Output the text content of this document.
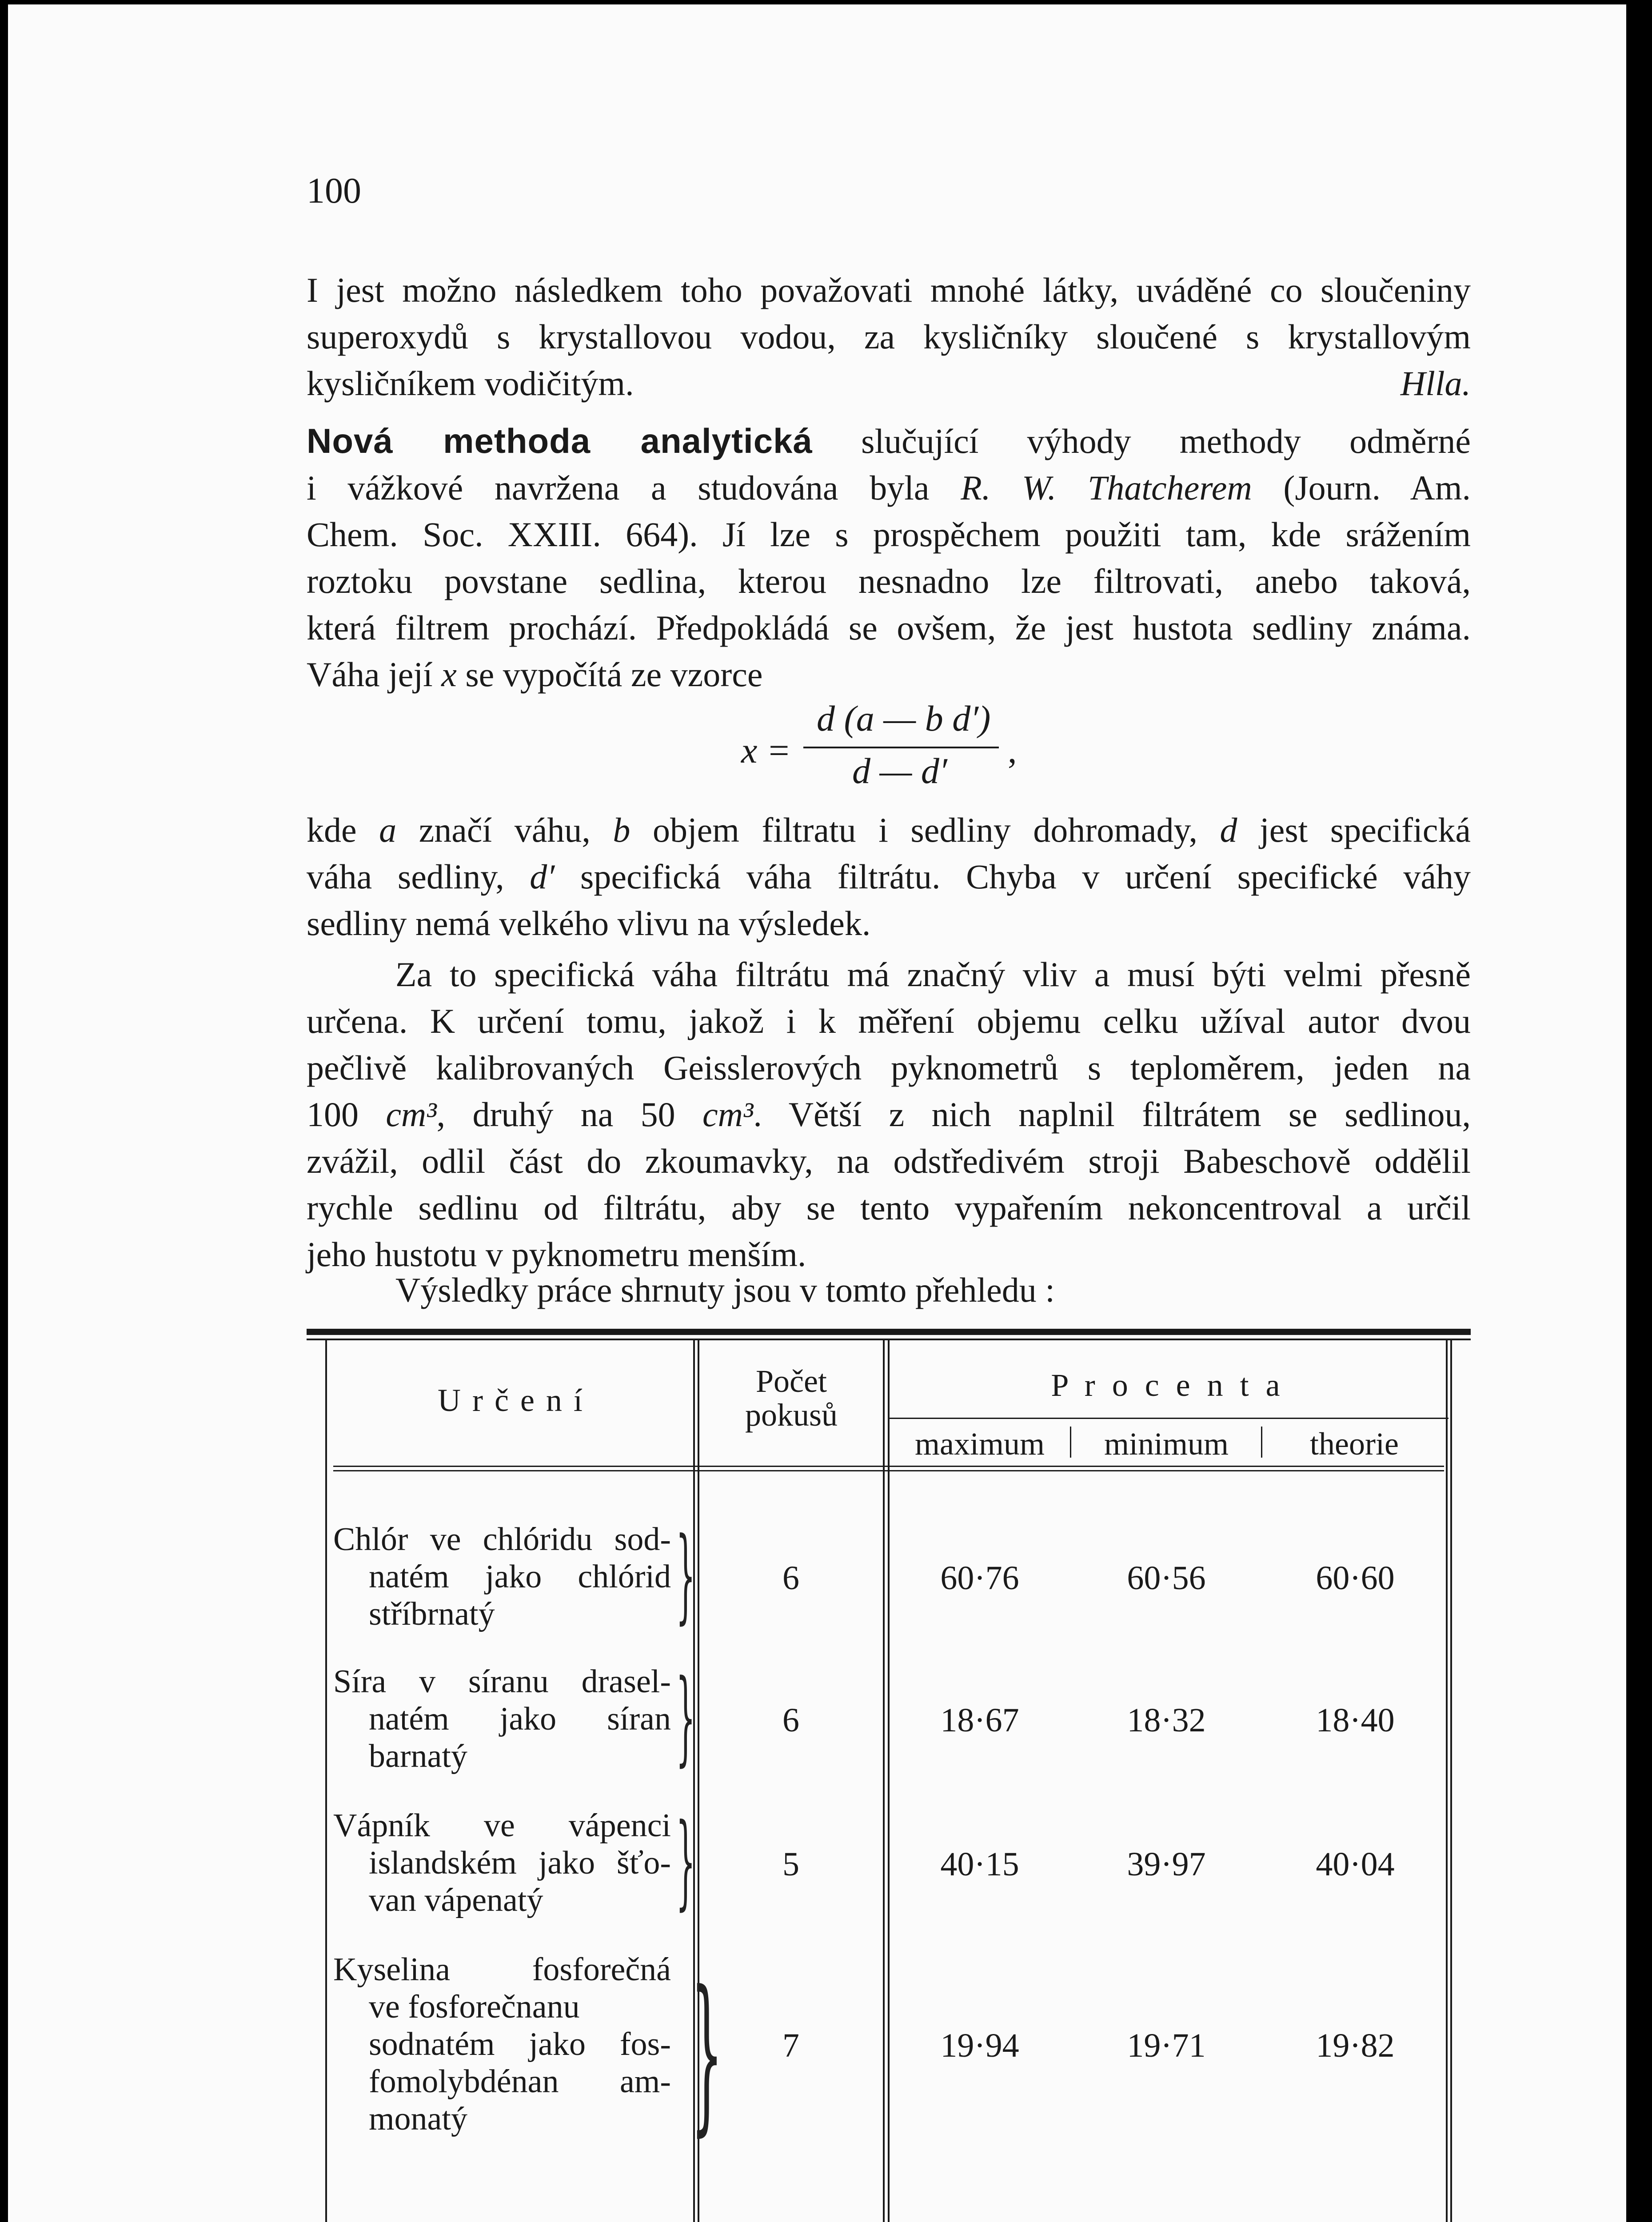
100
I jest možno následkem toho považovati mnohé látky, uváděné co sloučeniny
superoxydů s krystallovou vodou, za kysličníky sloučené s krystallovým
kysličníkem vodičitým.	Hlla.
Nová methoda analytická slučující výhody methody odměrné
i vážkové navržena a studována byla R. W. Thatcherem (Journ. Am.
Chem. Soc. XXIII. 664). Jí lze s prospěchem použiti tam, kde srážením
roztoku povstane sedlina, kterou nesnadno lze filtrovati, anebo taková,
která filtrem prochází. Předpokládá se ovšem, že jest hustota sedliny známa.
Váha její x se vypočítá ze vzorce
x =
d (a — b d′)
d — d′
,
kde a značí váhu, b objem filtratu i sedliny dohromady, d jest specifická
váha sedliny, d′ specifická váha filtrátu. Chyba v určení specifické váhy
sedliny nemá velkého vlivu na výsledek.
Za to specifická váha filtrátu má značný vliv a musí býti velmi přesně
určena. K určení tomu, jakož i k měření objemu celku užíval autor dvou
pečlivě kalibrovaných Geisslerových pyknometrů s teploměrem, jeden na
100 cm³, druhý na 50 cm³. Větší z nich naplnil filtrátem se sedlinou,
zvážil, odlil část do zkoumavky, na odstředivém stroji Babeschově oddělil
rychle sedlinu od filtrátu, aby se tento vypařením nekoncentroval a určil
jeho hustotu v pyknometru menším.
Výsledky práce shrnuty jsou v tomto přehledu :
U r č e n í
Počet
pokusů
P r o c e n t a
maximum	minimum	theorie
Chlór ve chlóridu sod-
natém jako chlórid
stříbrnatý	}	6	60·76	60·56	60·60
Síra v síranu drasel-
natém jako síran
barnatý	}	6	18·67	18·32	18·40
Vápník ve vápenci
islandském jako šťo-
van vápenatý	}	5	40·15	39·97	40·04
Kyselina fosforečná
ve fosforečnanu
sodnatém jako fos-
fomolybdénan am-
monatý	}	7	19·94	19·71	19·82
